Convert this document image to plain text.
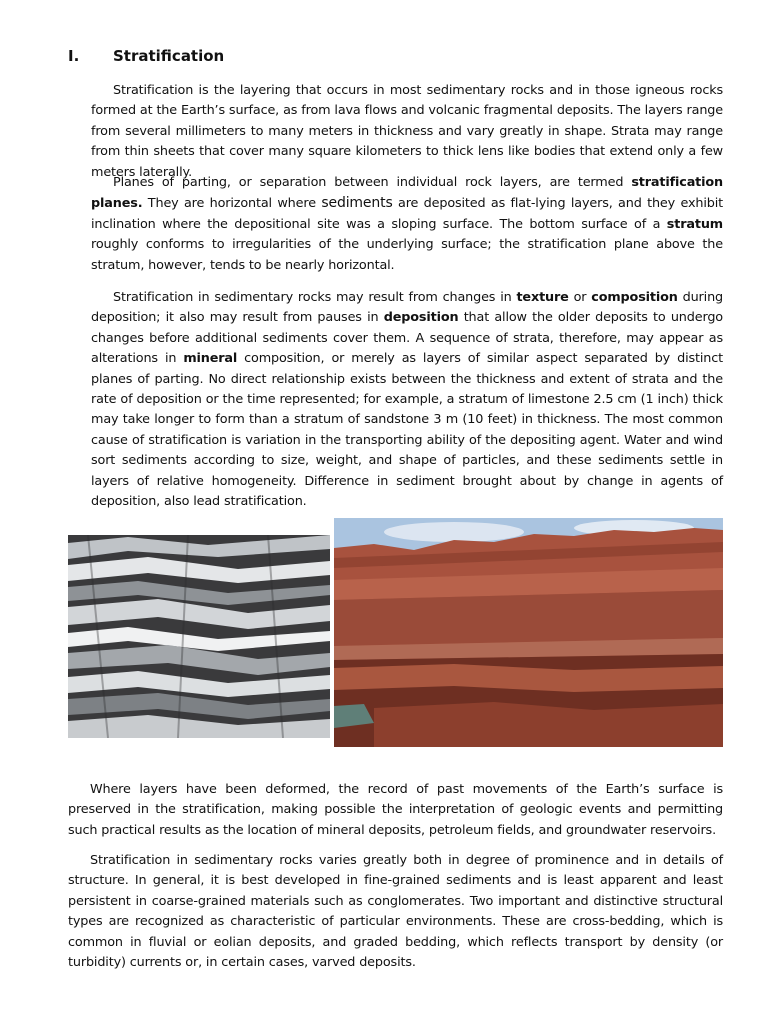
I. Stratification

Stratification is the layering that occurs in most sedimentary rocks and in those igneous rocks formed at the Earth’s surface, as from lava flows and volcanic fragmental deposits. The layers range from several millimeters to many meters in thickness and vary greatly in shape. Strata may range from thin sheets that cover many square kilometers to thick lens like bodies that extend only a few meters laterally.

Planes of parting, or separation between individual rock layers, are termed stratification planes. They are horizontal where sediments are deposited as flat-lying layers, and they exhibit inclination where the depositional site was a sloping surface. The bottom surface of a stratum roughly conforms to irregularities of the underlying surface; the stratification plane above the stratum, however, tends to be nearly horizontal.

Stratification in sedimentary rocks may result from changes in texture or composition during deposition; it also may result from pauses in deposition that allow the older deposits to undergo changes before additional sediments cover them. A sequence of strata, therefore, may appear as alterations in mineral composition, or merely as layers of similar aspect separated by distinct planes of parting. No direct relationship exists between the thickness and extent of strata and the rate of deposition or the time represented; for example, a stratum of limestone 2.5 cm (1 inch) thick may take longer to form than a stratum of sandstone 3 m (10 feet) in thickness. The most common cause of stratification is variation in the transporting ability of the depositing agent. Water and wind sort sediments according to size, weight, and shape of particles, and these sediments settle in layers of relative homogeneity. Difference in sediment brought about by change in agents of deposition, also lead stratification.

Where layers have been deformed, the record of past movements of the Earth’s surface is preserved in the stratification, making possible the interpretation of geologic events and permitting such practical results as the location of mineral deposits, petroleum fields, and groundwater reservoirs.

Stratification in sedimentary rocks varies greatly both in degree of prominence and in details of structure. In general, it is best developed in fine-grained sediments and is least apparent and least persistent in coarse-grained materials such as conglomerates. Two important and distinctive structural types are recognized as characteristic of particular environments. These are cross-bedding, which is common in fluvial or eolian deposits, and graded bedding, which reflects transport by density (or turbidity) currents or, in certain cases, varved deposits.
